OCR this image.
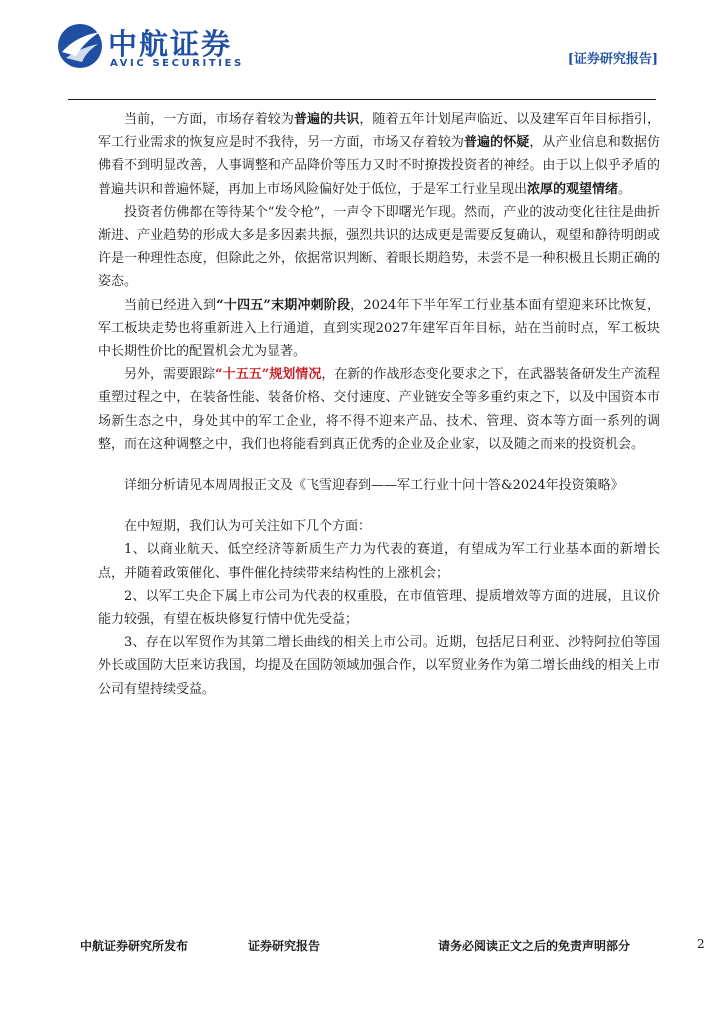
中航证券
AVIC SECURITIES	[证券研究报告]

当前，一方面，市场存着较为普遍的共识，随着五年计划尾声临近、以及建军百年目标指引，军工行业需求的恢复应是时不我待，另一方面，市场又存着较为普遍的怀疑，从产业信息和数据仿佛看不到明显改善，人事调整和产品降价等压力又时不时撩拨投资者的神经。由于以上似乎矛盾的普遍共识和普遍怀疑，再加上市场风险偏好处于低位，于是军工行业呈现出浓厚的观望情绪。

投资者仿佛都在等待某个“发令枪”，一声令下即曙光乍现。然而，产业的波动变化往往是曲折渐进、产业趋势的形成大多是多因素共振，强烈共识的达成更是需要反复确认，观望和静待明朗或许是一种理性态度，但除此之外，依据常识判断、着眼长期趋势，未尝不是一种积极且长期正确的姿态。

当前已经进入到“十四五”末期冲刺阶段，2024年下半年军工行业基本面有望迎来环比恢复，军工板块走势也将重新进入上行通道，直到实现2027年建军百年目标，站在当前时点，军工板块中长期性价比的配置机会尤为显著。

另外，需要跟踪“十五五”规划情况，在新的作战形态变化要求之下，在武器装备研发生产流程重塑过程之中，在装备性能、装备价格、交付速度、产业链安全等多重约束之下，以及中国资本市场新生态之中，身处其中的军工企业，将不得不迎来产品、技术、管理、资本等方面一系列的调整，而在这种调整之中，我们也将能看到真正优秀的企业及企业家，以及随之而来的投资机会。

详细分析请见本周周报正文及《飞雪迎春到——军工行业十问十答&2024年投资策略》

在中短期，我们认为可关注如下几个方面：

1、以商业航天、低空经济等新质生产力为代表的赛道，有望成为军工行业基本面的新增长点，并随着政策催化、事件催化持续带来结构性的上涨机会；

2、以军工央企下属上市公司为代表的权重股，在市值管理、提质增效等方面的进展，且议价能力较强，有望在板块修复行情中优先受益；

3、存在以军贸作为其第二增长曲线的相关上市公司。近期，包括尼日利亚、沙特阿拉伯等国外长或国防大臣来访我国，均提及在国防领域加强合作，以军贸业务作为第二增长曲线的相关上市公司有望持续受益。

中航证券研究所发布	证券研究报告	请务必阅读正文之后的免责声明部分	2
